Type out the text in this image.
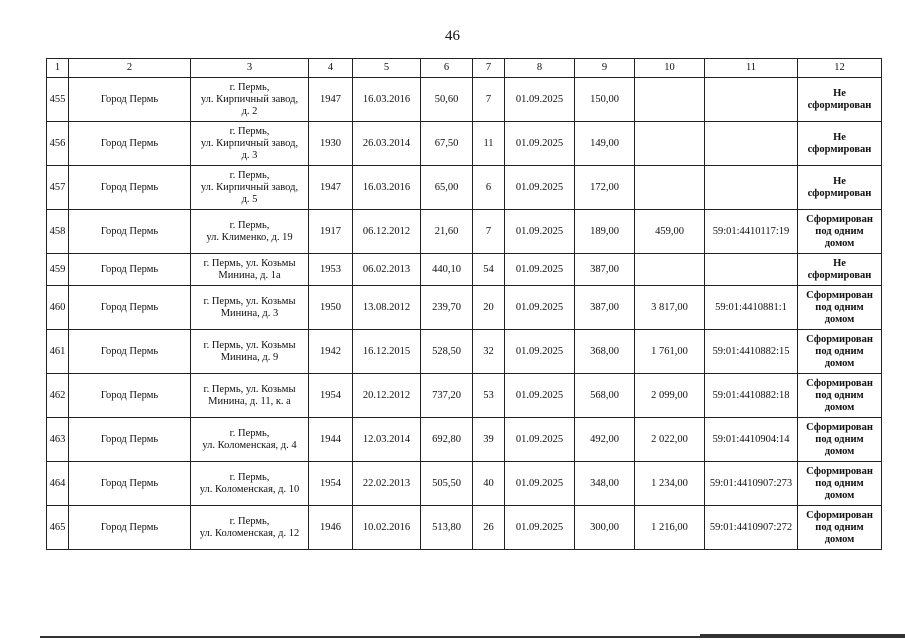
46
1	2	3	4	5	6	7	8	9	10	11	12
455	Город Пермь	г. Пермь,
ул. Кирпичный завод,
д. 2	1947	16.03.2016	50,60	7	01.09.2025	150,00			Не
сформирован
456	Город Пермь	г. Пермь,
ул. Кирпичный завод,
д. 3	1930	26.03.2014	67,50	11	01.09.2025	149,00			Не
сформирован
457	Город Пермь	г. Пермь,
ул. Кирпичный завод,
д. 5	1947	16.03.2016	65,00	6	01.09.2025	172,00			Не
сформирован
458	Город Пермь	г. Пермь,
ул. Клименко, д. 19	1917	06.12.2012	21,60	7	01.09.2025	189,00	459,00	59:01:4410117:19	Сформирован
под одним
домом
459	Город Пермь	г. Пермь, ул. Козьмы
Минина, д. 1а	1953	06.02.2013	440,10	54	01.09.2025	387,00			Не
сформирован
460	Город Пермь	г. Пермь, ул. Козьмы
Минина, д. 3	1950	13.08.2012	239,70	20	01.09.2025	387,00	3 817,00	59:01:4410881:1	Сформирован
под одним
домом
461	Город Пермь	г. Пермь, ул. Козьмы
Минина, д. 9	1942	16.12.2015	528,50	32	01.09.2025	368,00	1 761,00	59:01:4410882:15	Сформирован
под одним
домом
462	Город Пермь	г. Пермь, ул. Козьмы
Минина, д. 11, к. а	1954	20.12.2012	737,20	53	01.09.2025	568,00	2 099,00	59:01:4410882:18	Сформирован
под одним
домом
463	Город Пермь	г. Пермь,
ул. Коломенская, д. 4	1944	12.03.2014	692,80	39	01.09.2025	492,00	2 022,00	59:01:4410904:14	Сформирован
под одним
домом
464	Город Пермь	г. Пермь,
ул. Коломенская, д. 10	1954	22.02.2013	505,50	40	01.09.2025	348,00	1 234,00	59:01:4410907:273	Сформирован
под одним
домом
465	Город Пермь	г. Пермь,
ул. Коломенская, д. 12	1946	10.02.2016	513,80	26	01.09.2025	300,00	1 216,00	59:01:4410907:272	Сформирован
под одним
домом
